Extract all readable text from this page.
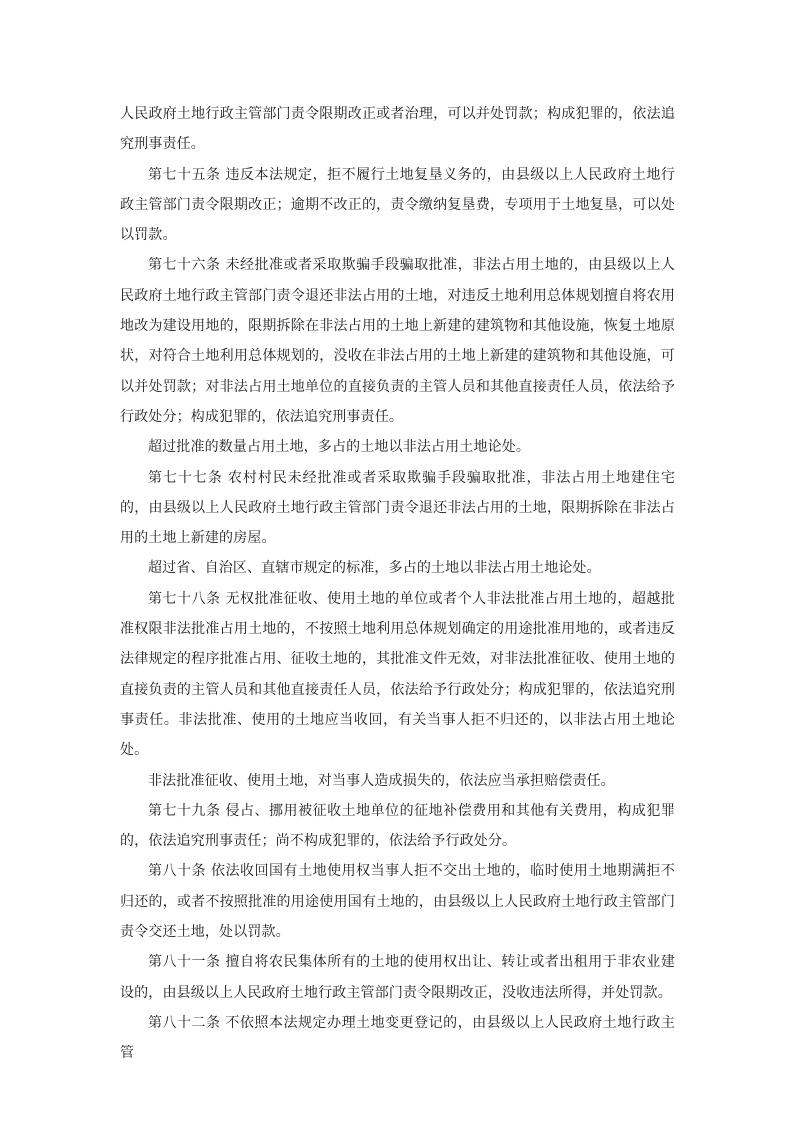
人民政府土地行政主管部门责令限期改正或者治理，可以并处罚款；构成犯罪的，依法追究刑事责任。

第七十五条 违反本法规定，拒不履行土地复垦义务的，由县级以上人民政府土地行政主管部门责令限期改正；逾期不改正的，责令缴纳复垦费，专项用于土地复垦，可以处以罚款。

第七十六条 未经批准或者采取欺骗手段骗取批准，非法占用土地的，由县级以上人民政府土地行政主管部门责令退还非法占用的土地，对违反土地利用总体规划擅自将农用地改为建设用地的，限期拆除在非法占用的土地上新建的建筑物和其他设施，恢复土地原状，对符合土地利用总体规划的，没收在非法占用的土地上新建的建筑物和其他设施，可以并处罚款；对非法占用土地单位的直接负责的主管人员和其他直接责任人员，依法给予行政处分；构成犯罪的，依法追究刑事责任。

超过批准的数量占用土地，多占的土地以非法占用土地论处。

第七十七条 农村村民未经批准或者采取欺骗手段骗取批准，非法占用土地建住宅的，由县级以上人民政府土地行政主管部门责令退还非法占用的土地，限期拆除在非法占用的土地上新建的房屋。

超过省、自治区、直辖市规定的标准，多占的土地以非法占用土地论处。

第七十八条 无权批准征收、使用土地的单位或者个人非法批准占用土地的，超越批准权限非法批准占用土地的，不按照土地利用总体规划确定的用途批准用地的，或者违反法律规定的程序批准占用、征收土地的，其批准文件无效，对非法批准征收、使用土地的直接负责的主管人员和其他直接责任人员，依法给予行政处分；构成犯罪的，依法追究刑事责任。非法批准、使用的土地应当收回，有关当事人拒不归还的，以非法占用土地论处。

非法批准征收、使用土地，对当事人造成损失的，依法应当承担赔偿责任。

第七十九条 侵占、挪用被征收土地单位的征地补偿费用和其他有关费用，构成犯罪的，依法追究刑事责任；尚不构成犯罪的，依法给予行政处分。

第八十条 依法收回国有土地使用权当事人拒不交出土地的，临时使用土地期满拒不归还的，或者不按照批准的用途使用国有土地的，由县级以上人民政府土地行政主管部门责令交还土地，处以罚款。

第八十一条 擅自将农民集体所有的土地的使用权出让、转让或者出租用于非农业建设的，由县级以上人民政府土地行政主管部门责令限期改正，没收违法所得，并处罚款。

第八十二条 不依照本法规定办理土地变更登记的，由县级以上人民政府土地行政主管
